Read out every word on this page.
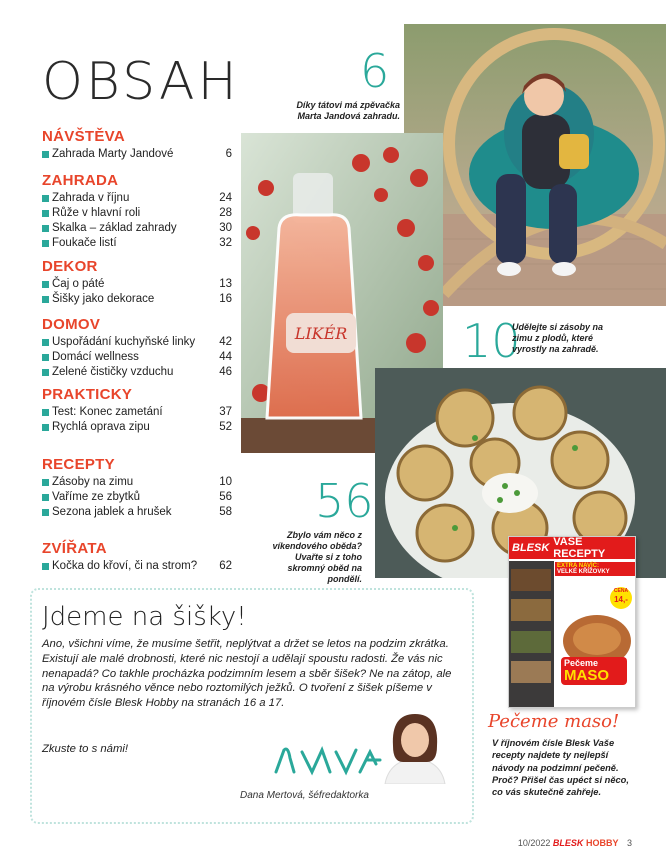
OBSAH
NÁVŠTĚVA
Zahrada Marty Jandové	6
ZAHRADA
Zahrada v říjnu	24
Růže v hlavní roli	28
Skalka – základ zahrady	30
Foukače listí	32
DEKOR
Čaj o páté	13
Šišky jako dekorace	16
DOMOV
Uspořádání kuchyňské linky	42
Domácí wellness	44
Zelené čističky vzduchu	46
PRAKTICKY
Test: Konec zametání	37
Rychlá oprava zipu	52
RECEPTY
Zásoby na zimu	10
Vaříme ze zbytků	56
Sezona jablek a hrušek	58
ZVÍŘATA
Kočka do křoví, či na strom?	62
LIKÉR
6
Díky tátovi má zpěvačka Marta Jandová zahradu.
10
Udělejte si zásoby na zimu z plodů, které vyrostly na zahradě.
56
Zbylo vám něco z víkendového oběda? Uvařte si z toho skromný oběd na pondělí.
BLESK VAŠE RECEPTY
EXTRA NAVÍC:
VELKÉ KŘÍŽOVKY
CENA
14,-
Pečeme
MASO
Pečeme maso!
V říjnovém čísle Blesk Vaše recepty najdete ty nejlepší návody na podzimní pečeně. Proč? Přišel čas upéct si něco, co vás skutečně zahřeje.
Jdeme na šišky!
Ano, všichni víme, že musíme šetřit, neplýtvat a držet se letos na podzim zkrátka. Existují ale malé drobnosti, které nic nestojí a udělají spoustu radosti. Že vás nic nenapadá? Co takhle procházka podzimním lesem a sběr šišek? Ne na zátop, ale na výrobu krásného věnce nebo roztomilých ježků. O tvoření z šišek píšeme v říjnovém čísle Blesk Hobby na stranách 16 a 17.
Zkuste to s námi!
Dana Mertová, šéfredaktorka
10/2022 BLESK HOBBY 3
